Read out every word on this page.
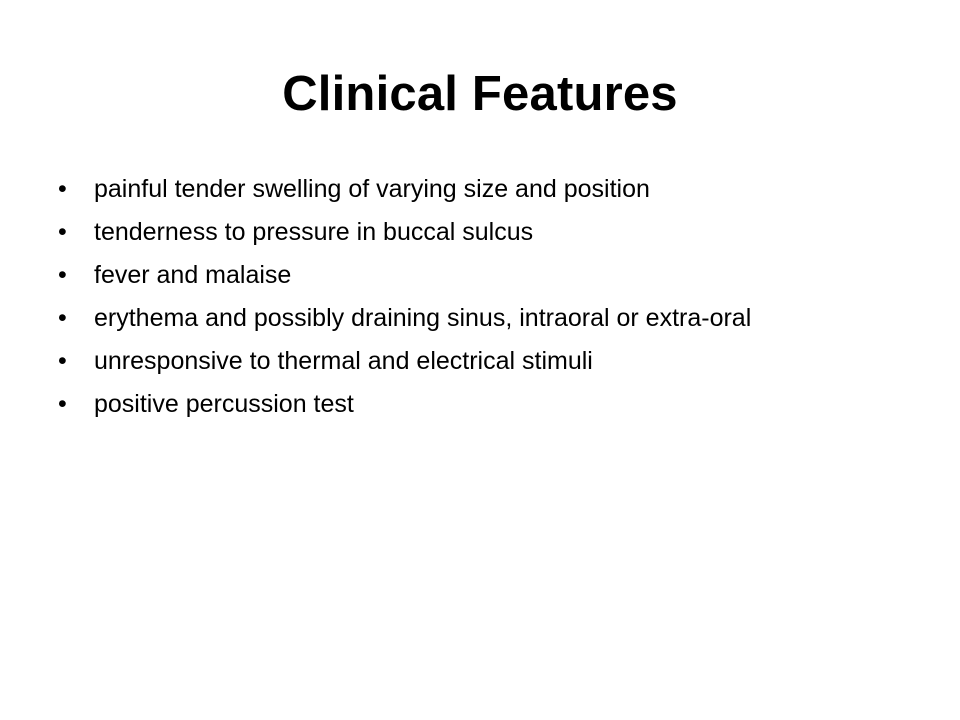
Clinical Features
• painful tender swelling of varying size and position
• tenderness to pressure in buccal sulcus
• fever and malaise
• erythema and possibly draining sinus, intraoral or extra-oral
• unresponsive to thermal and electrical stimuli
• positive percussion test
